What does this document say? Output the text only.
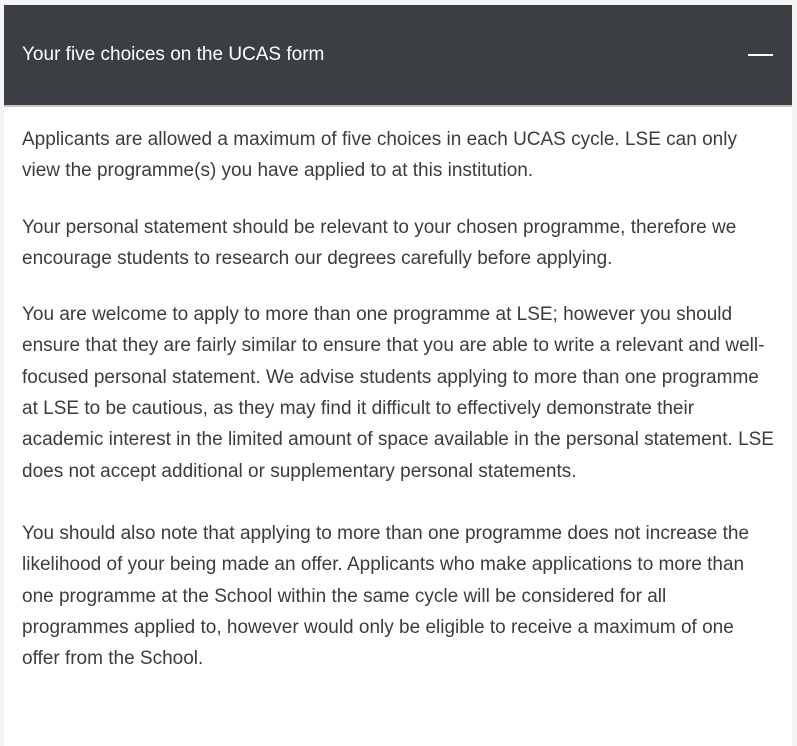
Your five choices on the UCAS form

Applicants are allowed a maximum of five choices in each UCAS cycle. LSE can only view the programme(s) you have applied to at this institution.

Your personal statement should be relevant to your chosen programme, therefore we encourage students to research our degrees carefully before applying.

You are welcome to apply to more than one programme at LSE; however you should ensure that they are fairly similar to ensure that you are able to write a relevant and well-focused personal statement. We advise students applying to more than one programme at LSE to be cautious, as they may find it difficult to effectively demonstrate their academic interest in the limited amount of space available in the personal statement. LSE does not accept additional or supplementary personal statements.

You should also note that applying to more than one programme does not increase the likelihood of your being made an offer. Applicants who make applications to more than one programme at the School within the same cycle will be considered for all programmes applied to, however would only be eligible to receive a maximum of one offer from the School.
